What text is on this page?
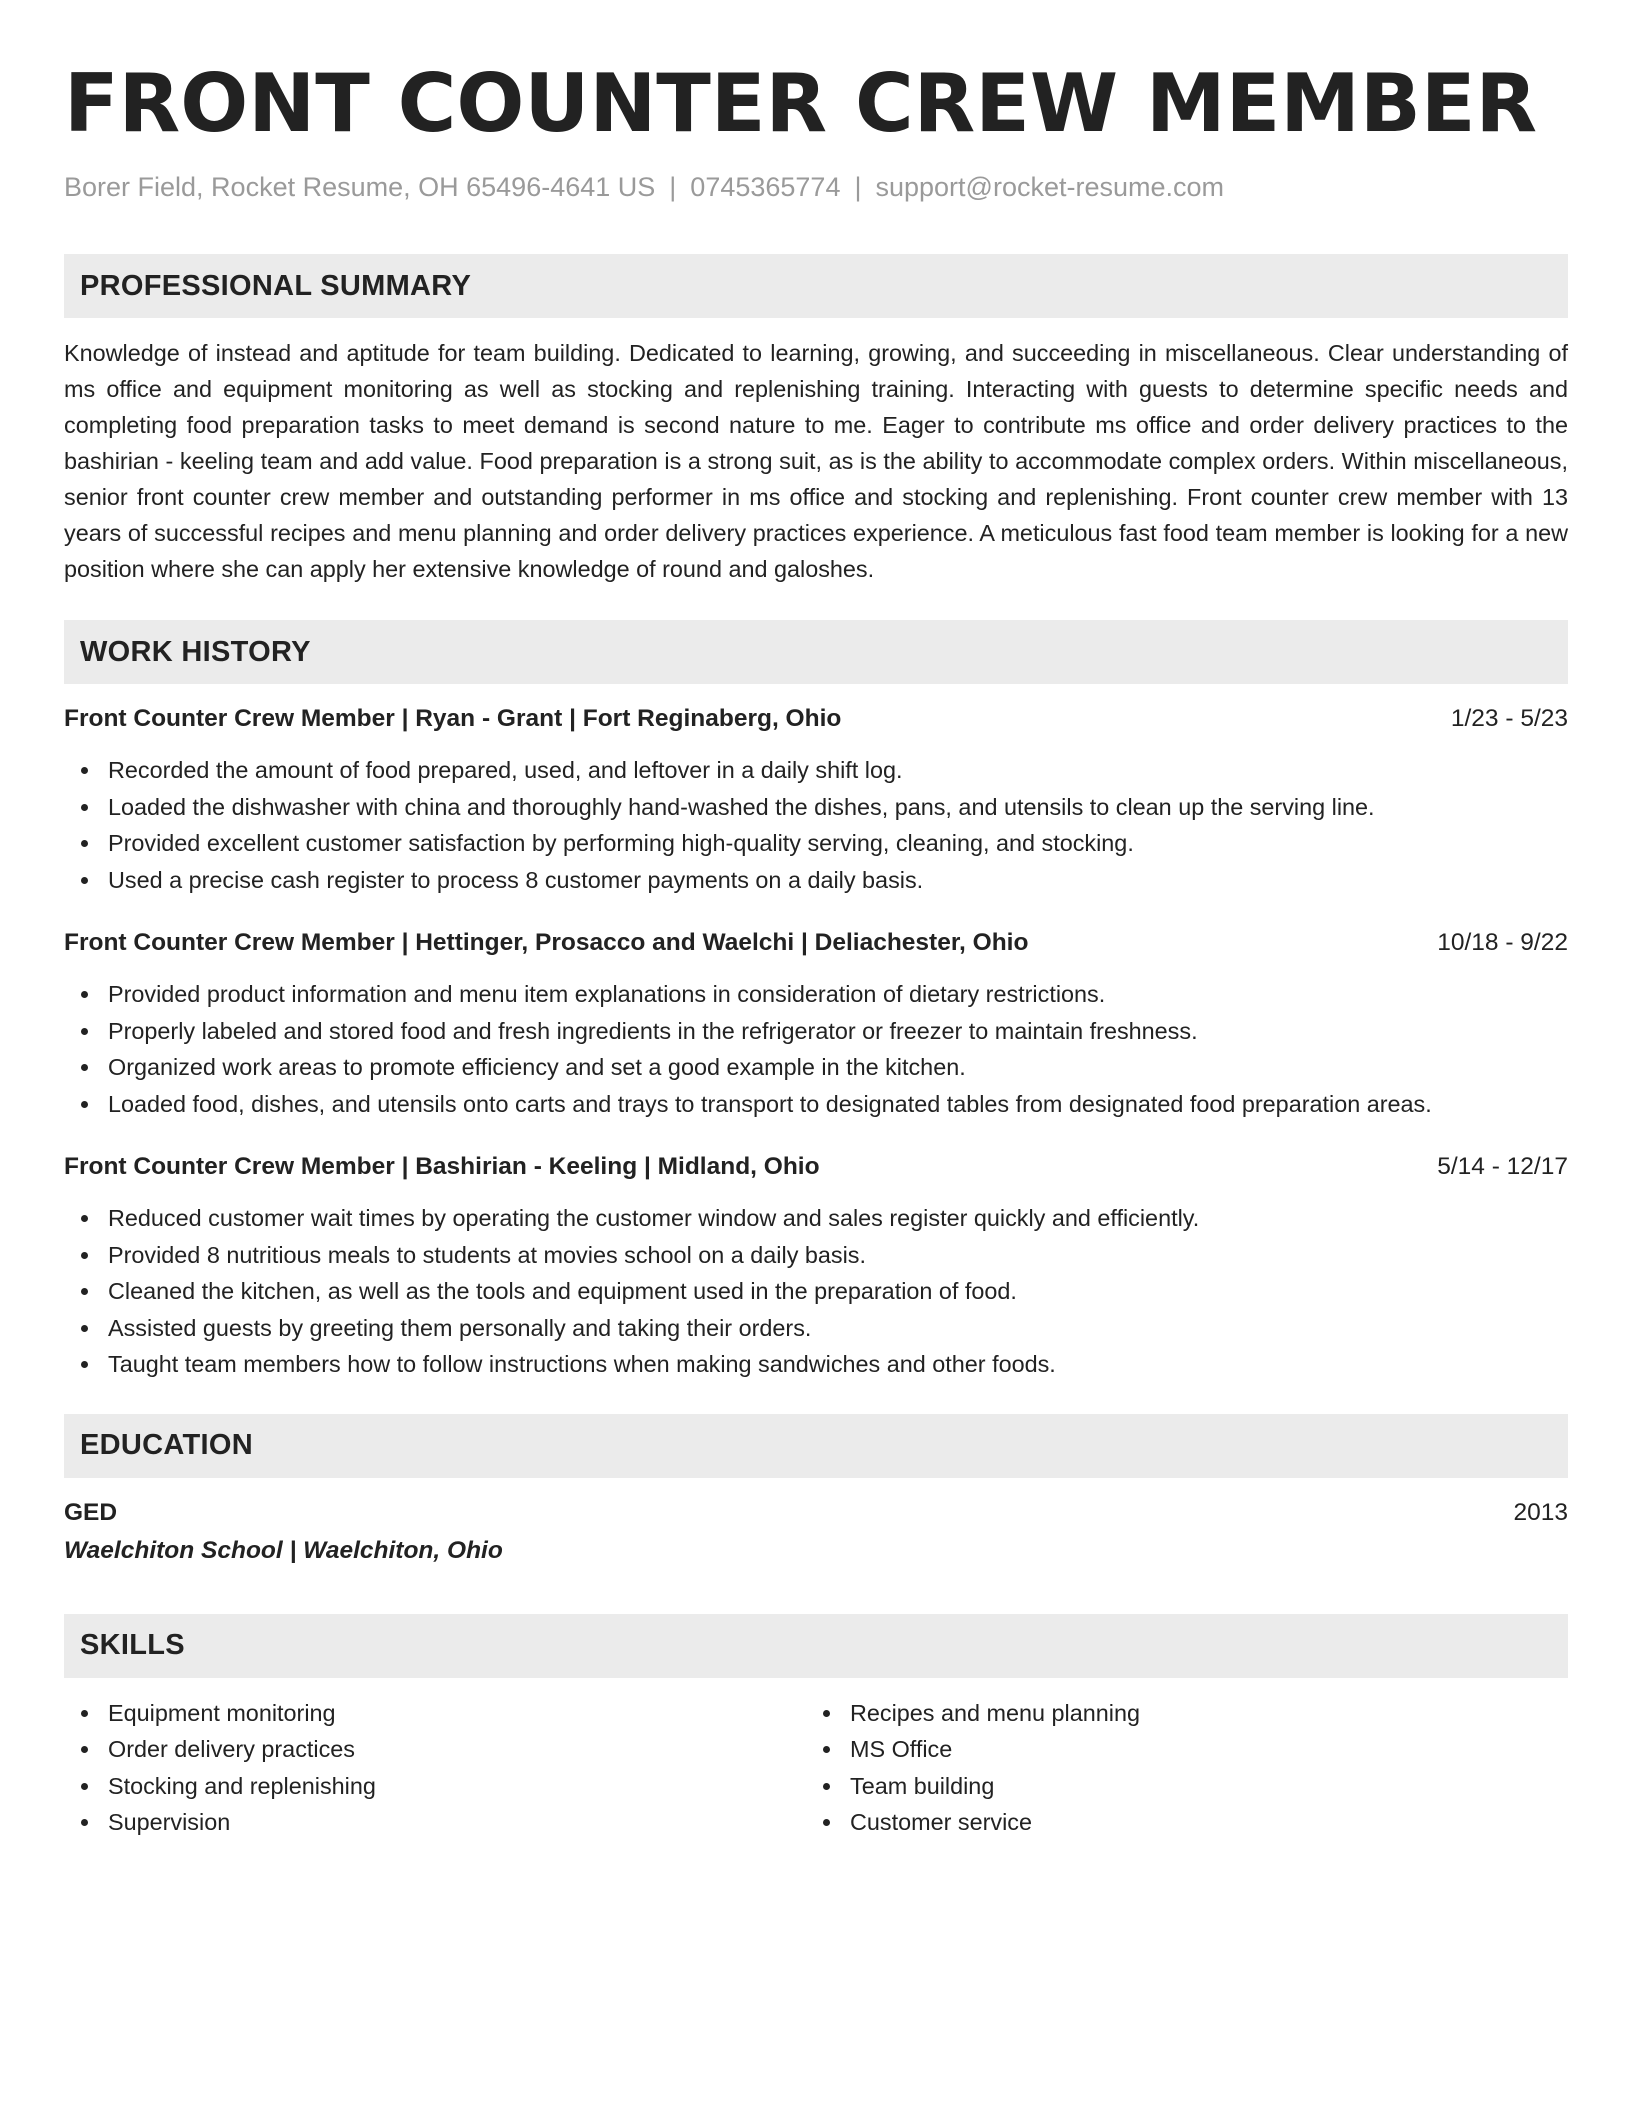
FRONT COUNTER CREW MEMBER
Borer Field, Rocket Resume, OH 65496-4641 US | 0745365774 | support@rocket-resume.com
PROFESSIONAL SUMMARY

Knowledge of instead and aptitude for team building. Dedicated to learning, growing, and succeeding in miscellaneous. Clear understanding of ms office and equipment monitoring as well as stocking and replenishing training. Interacting with guests to determine specific needs and completing food preparation tasks to meet demand is second nature to me. Eager to contribute ms office and order delivery practices to the bashirian - keeling team and add value. Food preparation is a strong suit, as is the ability to accommodate complex orders. Within miscellaneous, senior front counter crew member and outstanding performer in ms office and stocking and replenishing. Front counter crew member with 13 years of successful recipes and menu planning and order delivery practices experience. A meticulous fast food team member is looking for a new position where she can apply her extensive knowledge of round and galoshes.

WORK HISTORY
Front Counter Crew Member | Ryan - Grant | Fort Reginaberg, Ohio	1/23 - 5/23
Recorded the amount of food prepared, used, and leftover in a daily shift log.
Loaded the dishwasher with china and thoroughly hand-washed the dishes, pans, and utensils to clean up the serving line.
Provided excellent customer satisfaction by performing high-quality serving, cleaning, and stocking.
Used a precise cash register to process 8 customer payments on a daily basis.
Front Counter Crew Member | Hettinger, Prosacco and Waelchi | Deliachester, Ohio	10/18 - 9/22
Provided product information and menu item explanations in consideration of dietary restrictions.
Properly labeled and stored food and fresh ingredients in the refrigerator or freezer to maintain freshness.
Organized work areas to promote efficiency and set a good example in the kitchen.
Loaded food, dishes, and utensils onto carts and trays to transport to designated tables from designated food preparation areas.
Front Counter Crew Member | Bashirian - Keeling | Midland, Ohio	5/14 - 12/17
Reduced customer wait times by operating the customer window and sales register quickly and efficiently.
Provided 8 nutritious meals to students at movies school on a daily basis.
Cleaned the kitchen, as well as the tools and equipment used in the preparation of food.
Assisted guests by greeting them personally and taking their orders.
Taught team members how to follow instructions when making sandwiches and other foods.
EDUCATION
GED	2013
Waelchiton School | Waelchiton, Ohio
SKILLS
Equipment monitoring
Order delivery practices
Stocking and replenishing
Supervision
Recipes and menu planning
MS Office
Team building
Customer service
